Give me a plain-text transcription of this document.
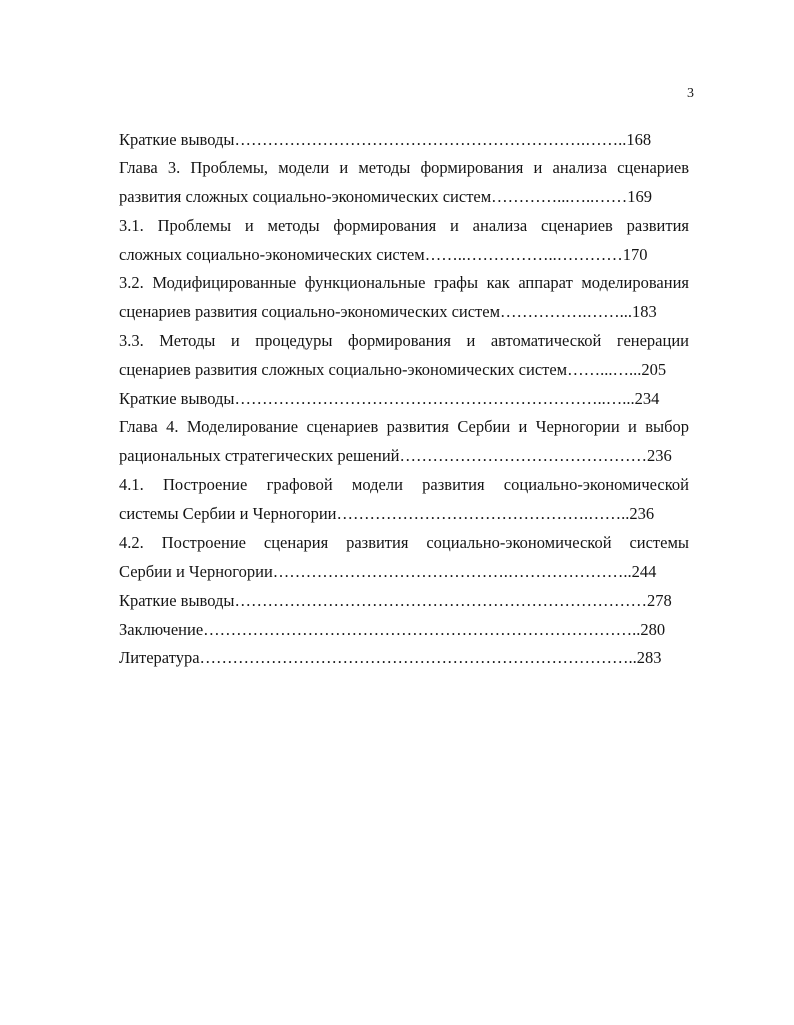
3
Краткие выводы……………………………………………………….……..168
Глава 3. Проблемы, модели и методы формирования и анализа сценариев
развития сложных социально-экономических систем…………...…..……169
3.1. Проблемы и методы формирования и анализа сценариев развития
сложных социально-экономических систем……..……………..…………170
3.2. Модифицированные функциональные графы как аппарат моделирования
сценариев развития социально-экономических систем…………….……...183
3.3. Методы и процедуры формирования и автоматической генерации
сценариев развития сложных социально-экономических систем……...…...205
Краткие выводы…………………………………………………………..…...234
Глава 4. Моделирование сценариев развития Сербии и Черногории и выбор
рациональных стратегических решений………………………………………236
4.1. Построение графовой модели развития социально-экономической
системы Сербии и Черногории……………………………………….……..236
4.2. Построение сценария развития социально-экономической системы
Сербии и Черногории…………………………………….…………………..244
Краткие выводы…………………………………………………………………278
Заключение……………………………………………………………………..280
Литература……………………………………………………………………..283
